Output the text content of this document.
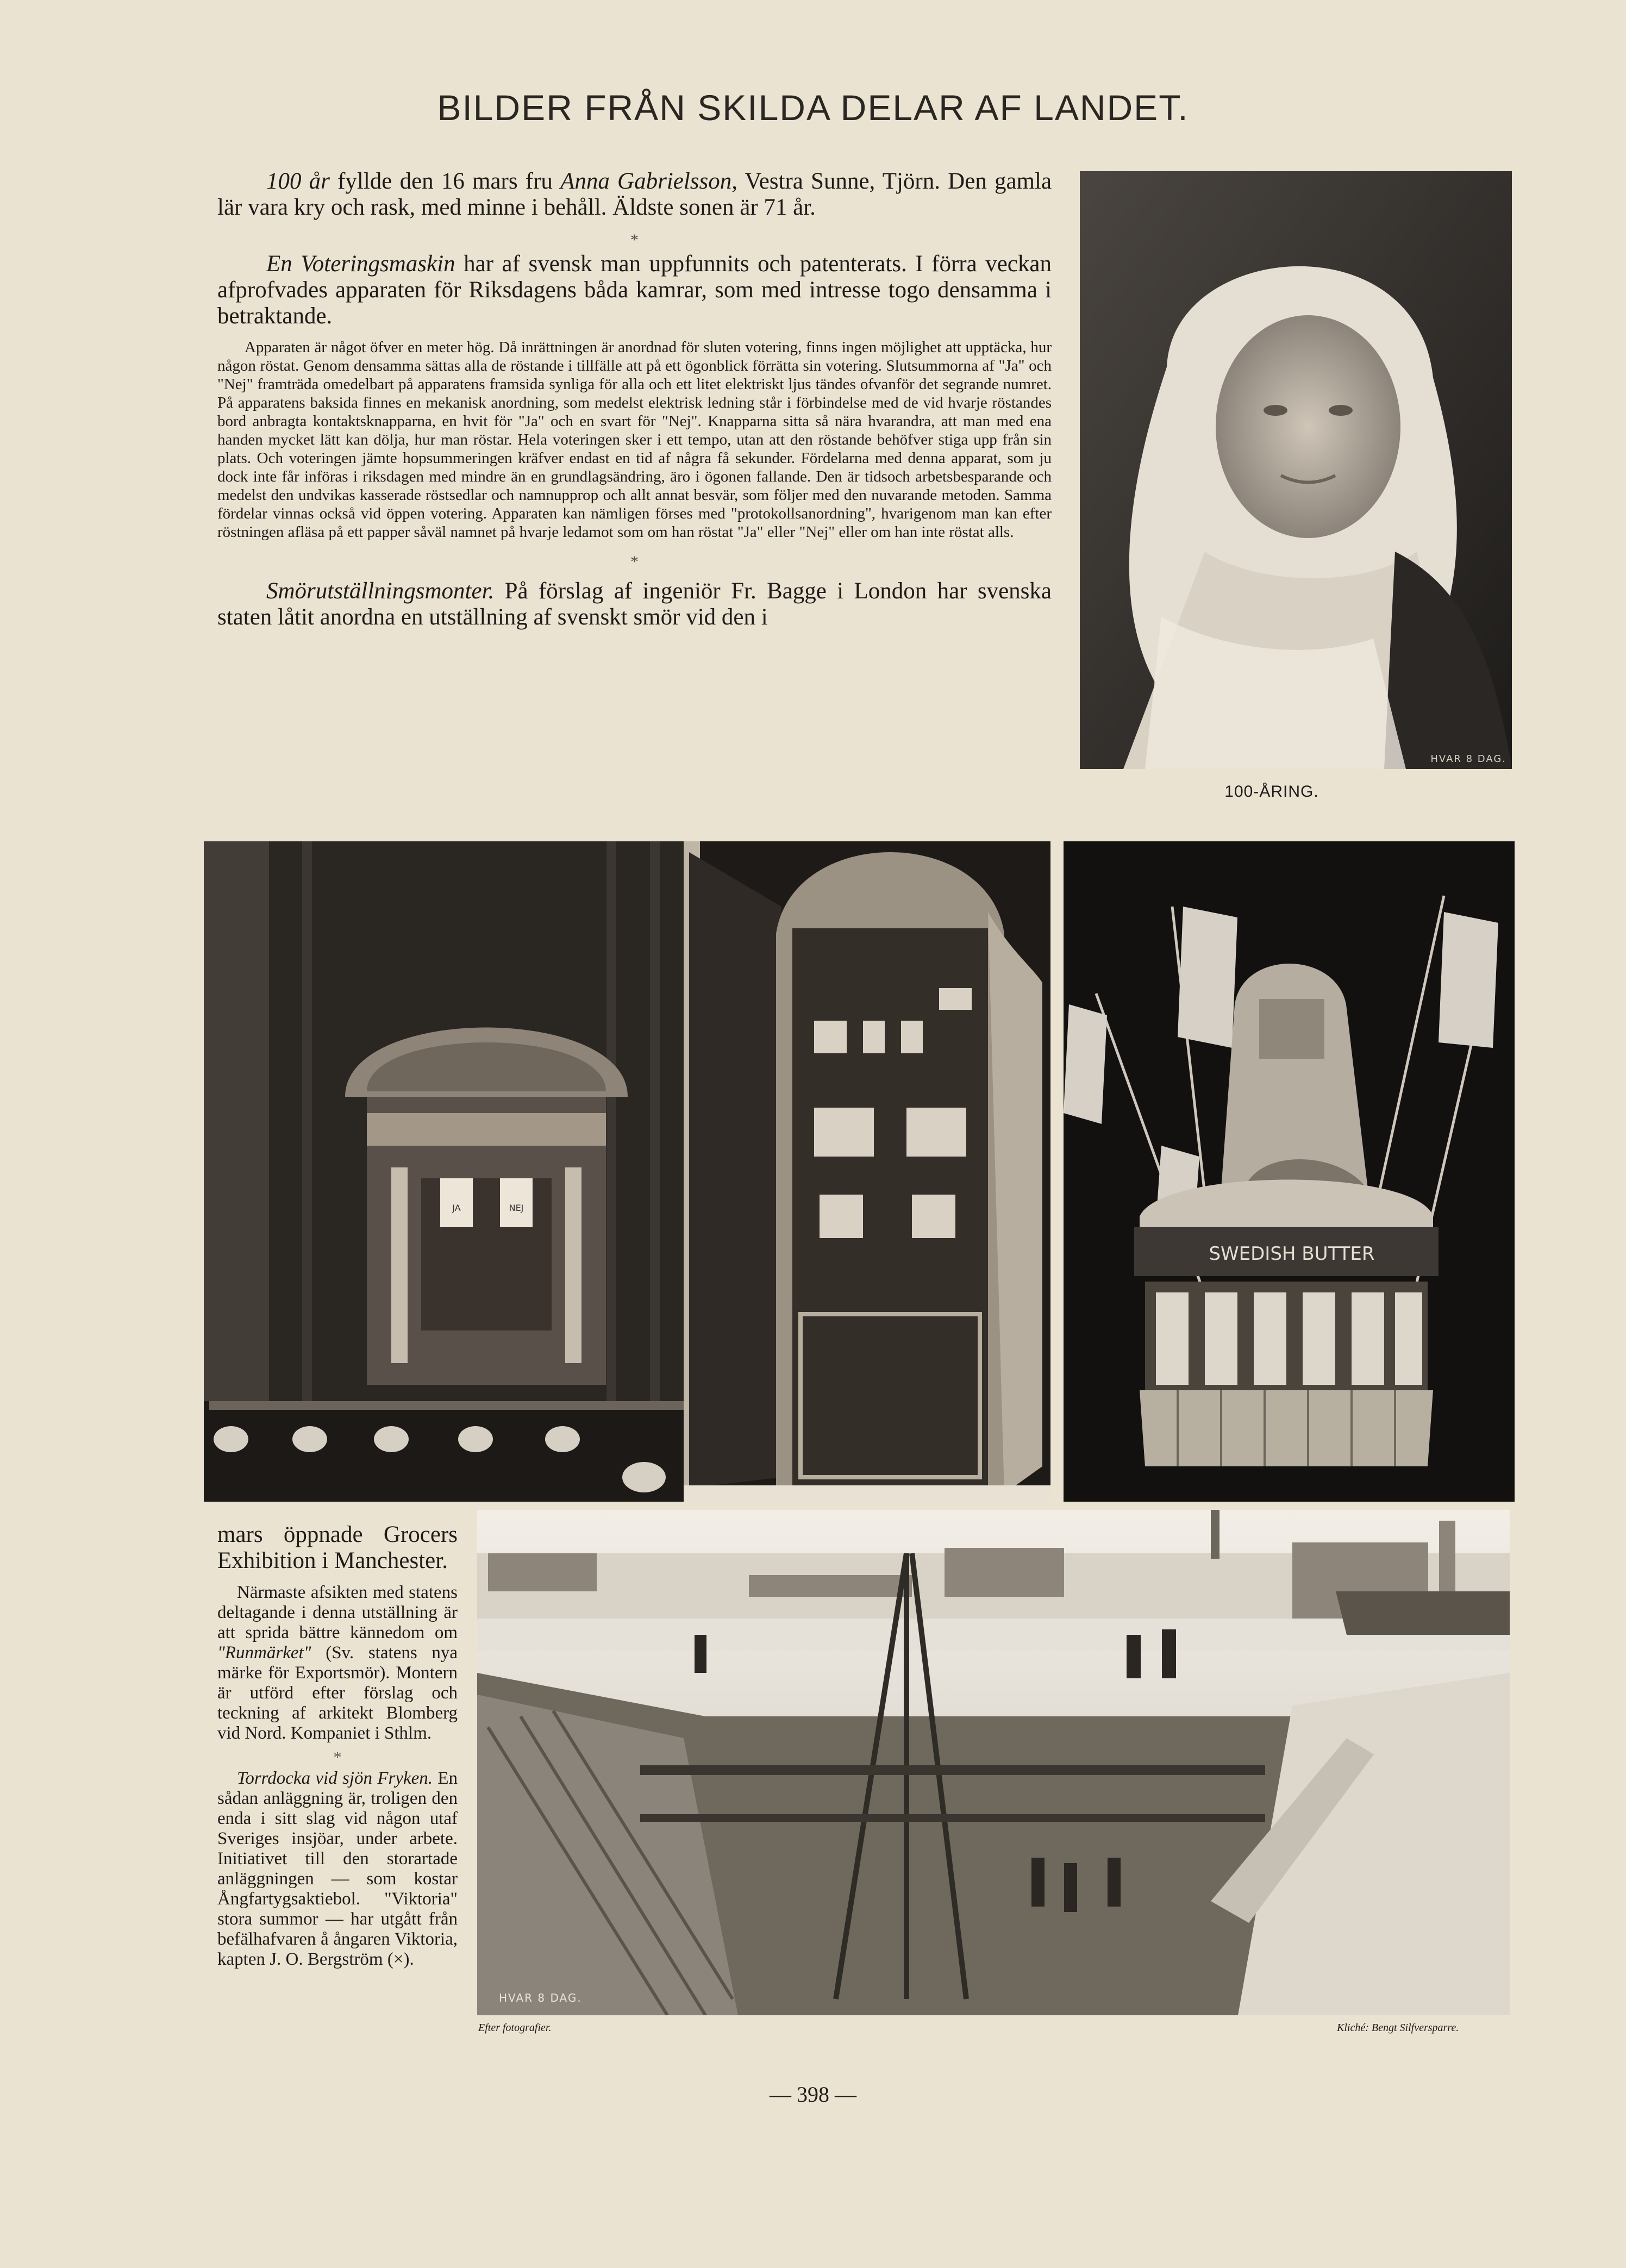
BILDER FRÅN SKILDA DELAR AF LANDET.

100 år fyllde den 16 mars fru Anna Gabrielsson, Vestra Sunne, Tjörn. Den gamla lär vara kry och rask, med minne i behåll. Äldste sonen är 71 år.

*

En Voteringsmaskin har af svensk man uppfunnits och patenterats. I förra veckan afprofvades apparaten för Riksdagens båda kamrar, som med intresse togo densamma i betraktande.

Apparaten är något öfver en meter hög. Då inrättningen är anordnad för sluten votering, finns ingen möjlighet att upptäcka, hur någon röstat. Genom densamma sättas alla de röstande i tillfälle att på ett ögonblick förrätta sin votering. Slutsummorna af "Ja" och "Nej" framträda omedelbart på apparatens framsida synliga för alla och ett litet elektriskt ljus tändes ofvanför det segrande numret. På apparatens baksida finnes en mekanisk anordning, som medelst elektrisk ledning står i förbindelse med de vid hvarje röstandes bord anbragta kontaktsknapparna, en hvit för "Ja" och en svart för "Nej". Knapparna sitta så nära hvarandra, att man med ena handen mycket lätt kan dölja, hur man röstar. Hela voteringen sker i ett tempo, utan att den röstande behöfver stiga upp från sin plats. Och voteringen jämte hopsummeringen kräfver endast en tid af några få sekunder. Fördelarna med denna apparat, som ju dock inte får införas i riksdagen med mindre än en grundlagsändring, äro i ögonen fallande. Den är tidsoch arbetsbesparande och medelst den undvikas kasserade röstsedlar och namnupprop och allt annat besvär, som följer med den nuvarande metoden. Samma fördelar vinnas också vid öppen votering. Apparaten kan nämligen förses med "protokollsanordning", hvarigenom man kan efter röstningen afläsa på ett papper såväl namnet på hvarje ledamot som om han röstat "Ja" eller "Nej" eller om han inte röstat alls.

*

Smörutställningsmonter. På förslag af ingeniör Fr. Bagge i London har svenska staten låtit anordna en utställning af svenskt smör vid den i

HVAR 8 DAG.
100-ÅRING.
JA	NEJ
SWEDISH BUTTER

mars öppnade Grocers Exhibition i Manchester.

Närmaste afsikten med statens deltagande i denna utställning är att sprida bättre kännedom om "Runmärket" (Sv. statens nya märke för Exportsmör). Montern är utförd efter förslag och teckning af arkitekt Blomberg vid Nord. Kompaniet i Sthlm.

*

Torrdocka vid sjön Fryken. En sådan anläggning är, troligen den enda i sitt slag vid någon utaf Sveriges insjöar, under arbete. Initiativet till den storartade anläggningen — som kostar Ångfartygsaktiebol. "Viktoria" stora summor — har utgått från befälhafvaren å ångaren Viktoria, kapten J. O. Bergström (×).

HVAR 8 DAG.
Efter fotografier.	Kliché: Bengt Silfversparre.
— 398 —
